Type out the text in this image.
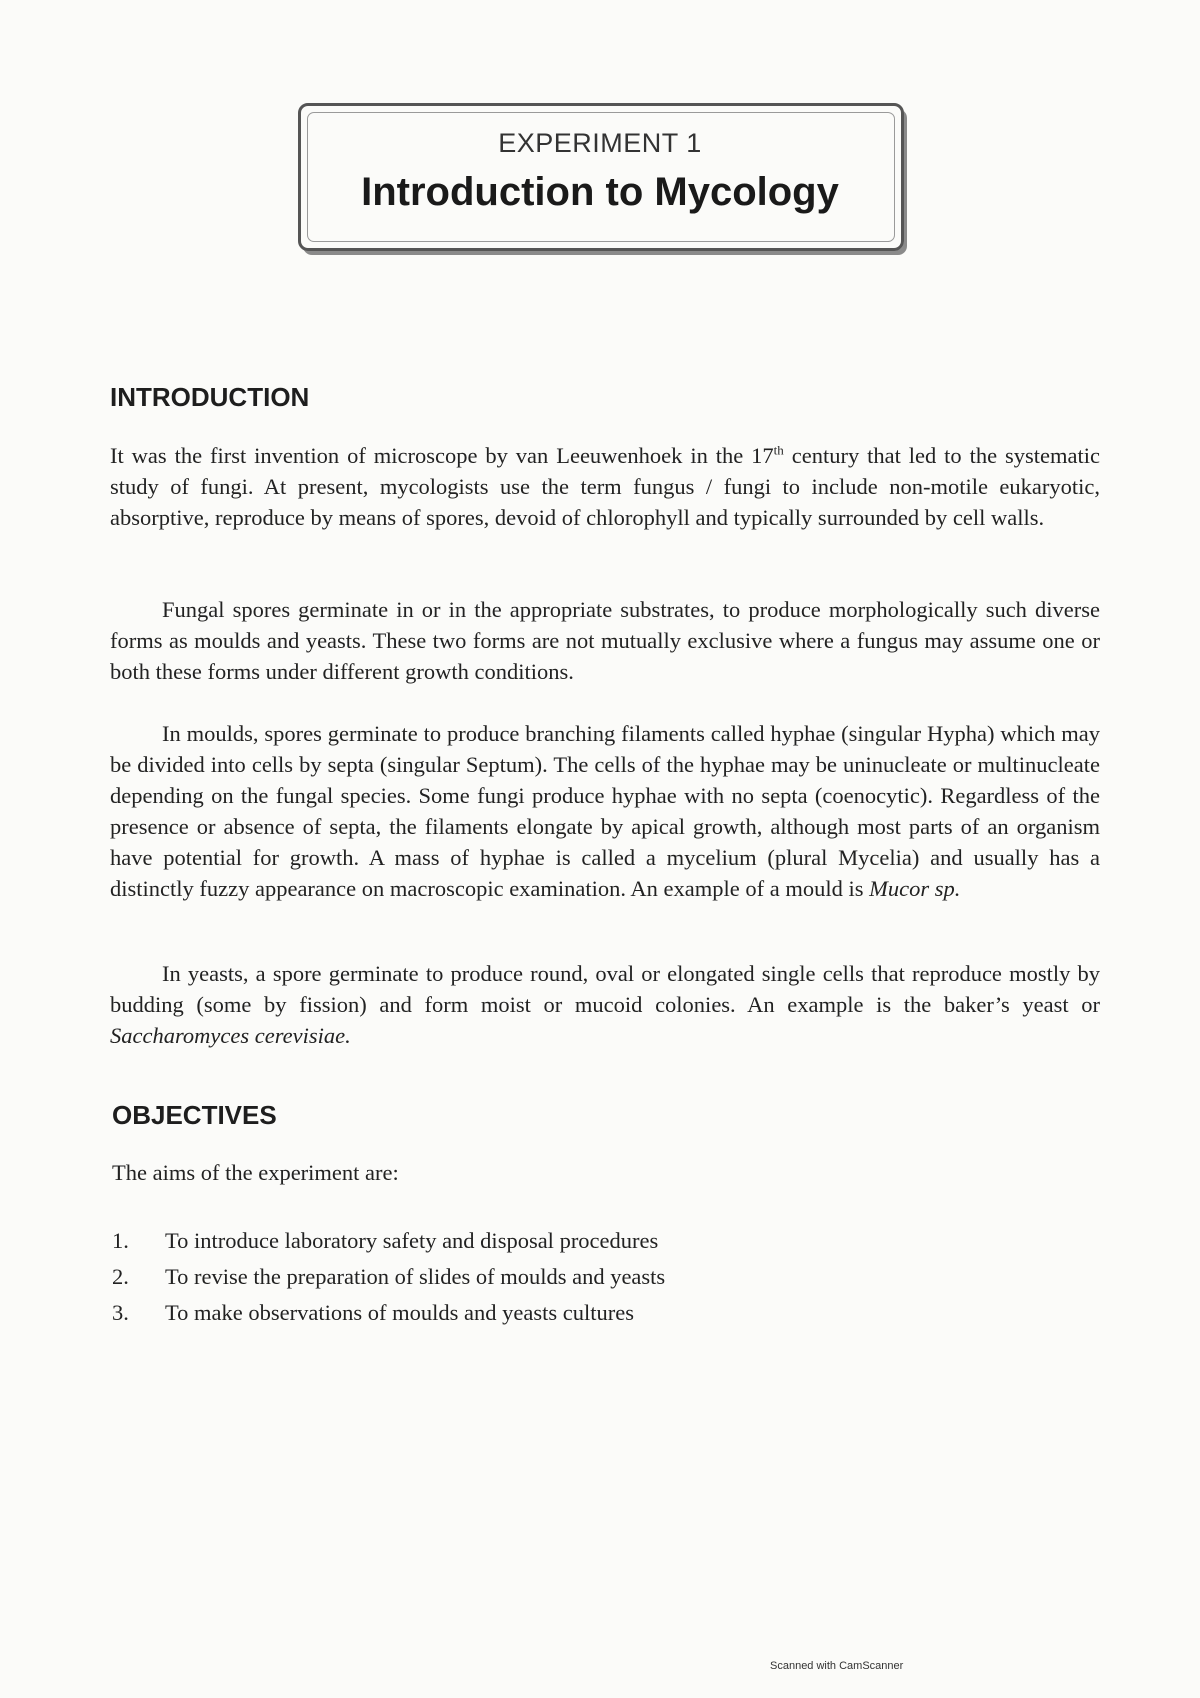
EXPERIMENT 1
Introduction to Mycology
INTRODUCTION
It was the first invention of microscope by van Leeuwenhoek in the 17th century that led to the systematic study of fungi. At present, mycologists use the term fungus / fungi to include non-motile eukaryotic, absorptive, reproduce by means of spores, devoid of chlorophyll and typically surrounded by cell walls.
Fungal spores germinate in or in the appropriate substrates, to produce morphologically such diverse forms as moulds and yeasts. These two forms are not mutually exclusive where a fungus may assume one or both these forms under different growth conditions.
In moulds, spores germinate to produce branching filaments called hyphae (singular Hypha) which may be divided into cells by septa (singular Septum). The cells of the hyphae may be uninucleate or multinucleate depending on the fungal species. Some fungi produce hyphae with no septa (coenocytic). Regardless of the presence or absence of septa, the filaments elongate by apical growth, although most parts of an organism have potential for growth. A mass of hyphae is called a mycelium (plural Mycelia) and usually has a distinctly fuzzy appearance on macroscopic examination. An example of a mould is Mucor sp.
In yeasts, a spore germinate to produce round, oval or elongated single cells that reproduce mostly by budding (some by fission) and form moist or mucoid colonies. An example is the baker’s yeast or Saccharomyces cerevisiae.
OBJECTIVES
The aims of the experiment are:
1.	To introduce laboratory safety and disposal procedures
2.	To revise the preparation of slides of moulds and yeasts
3.	To make observations of moulds and yeasts cultures
Scanned with CamScanner
